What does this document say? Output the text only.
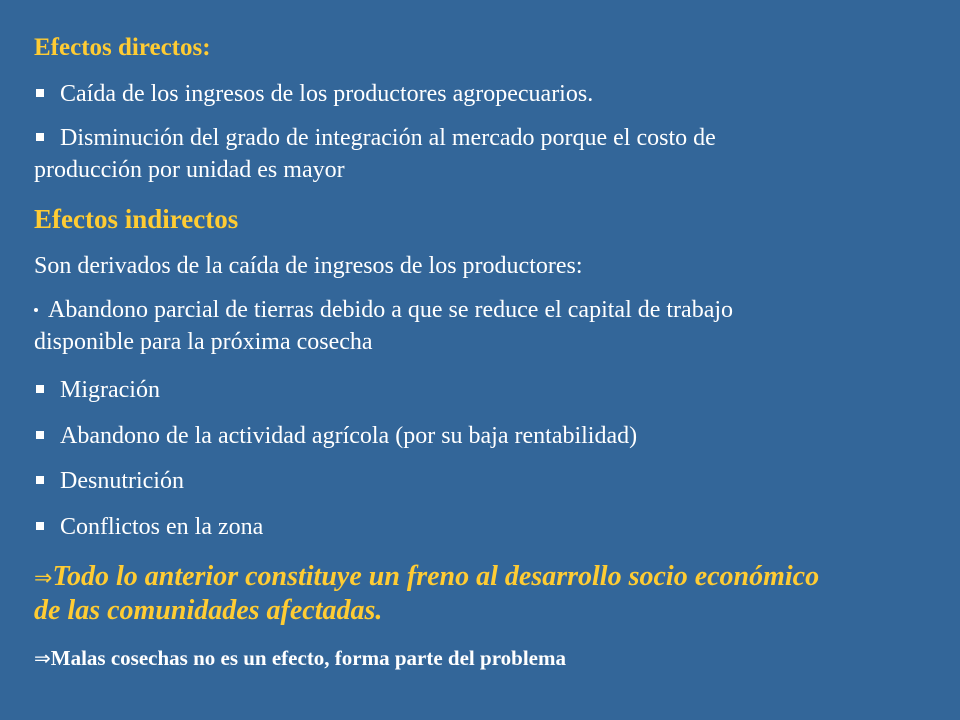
Efectos directos:
Caída de los ingresos de los productores agropecuarios.
Disminución del grado de integración al mercado porque el costo de
producción por unidad es mayor
Efectos indirectos
Son derivados de la caída de ingresos de los productores:
Abandono parcial de tierras debido a que se reduce el capital de trabajo
disponible para la próxima cosecha
Migración
Abandono de la actividad agrícola (por su baja rentabilidad)
Desnutrición
Conflictos en la zona
⇒Todo lo anterior constituye un freno al desarrollo socio económico
de las comunidades afectadas.
⇒Malas cosechas no es un efecto, forma parte del problema
